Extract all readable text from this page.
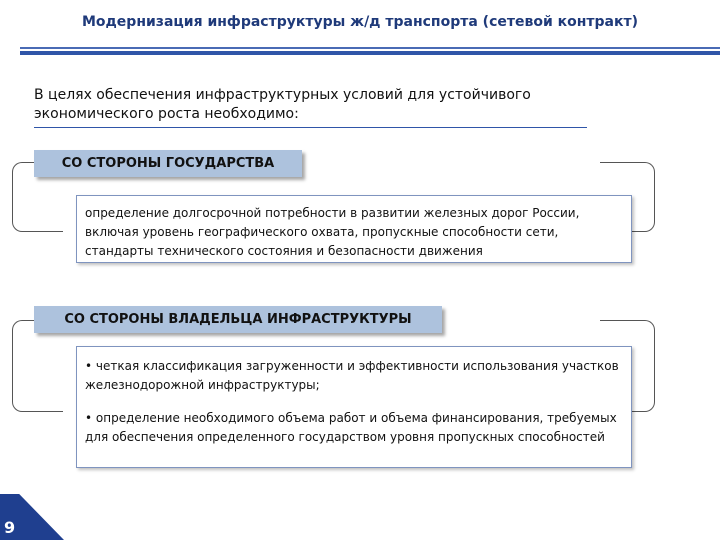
Модернизация инфраструктуры ж/д транспорта (сетевой контракт)
В целях обеспечения инфраструктурных условий для устойчивого экономического роста необходимо:
СО СТОРОНЫ ГОСУДАРСТВА
определение долгосрочной потребности в развитии железных дорог России, включая уровень географического охвата, пропускные способности сети, стандарты технического состояния и безопасности движения
СО СТОРОНЫ ВЛАДЕЛЬЦА ИНФРАСТРУКТУРЫ
• четкая классификация загруженности и эффективности использования участков железнодорожной инфраструктуры;
• определение необходимого объема работ и объема финансирования, требуемых для обеспечения определенного государством уровня пропускных способностей
9
